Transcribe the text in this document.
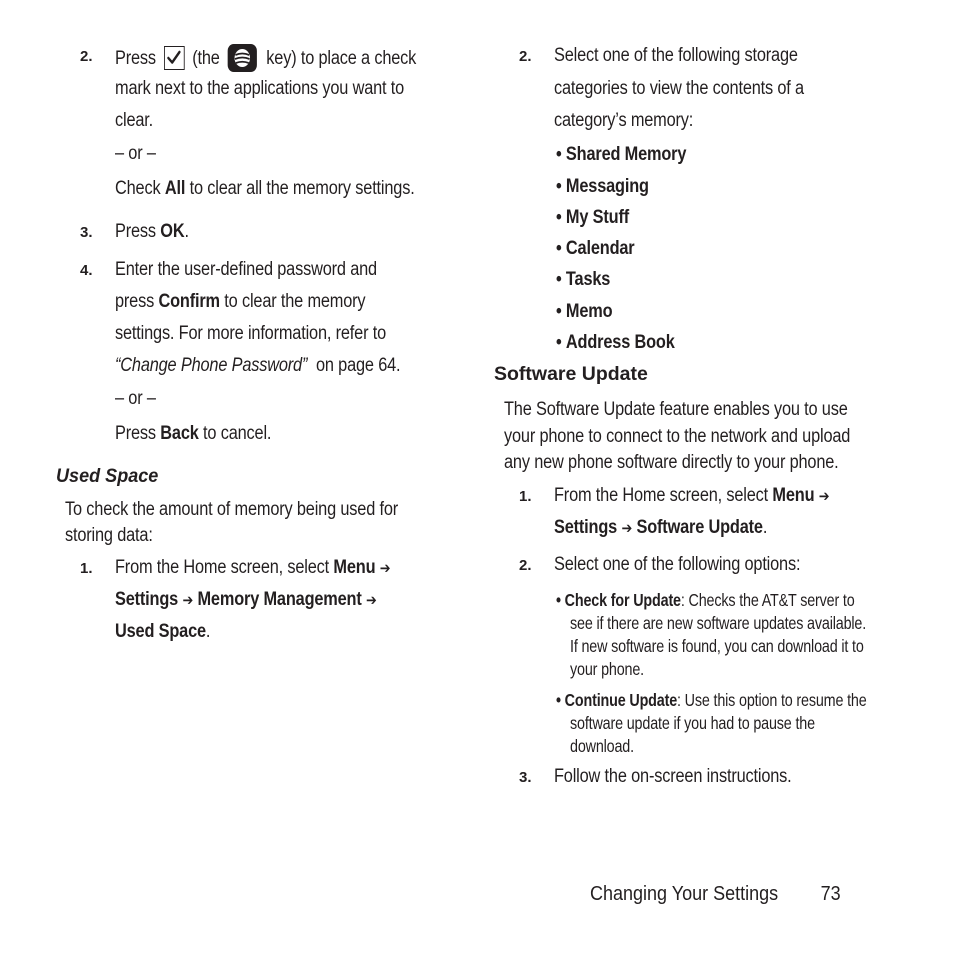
2. Press (the key) to place a check
mark next to the applications you want to
clear.
– or –
Check All to clear all the memory settings.
3. Press OK.
4. Enter the user-defined password and
press Confirm to clear the memory
settings. For more information, refer to
“Change Phone Password” on page 64.
– or –
Press Back to cancel.
Used Space
To check the amount of memory being used for
storing data:
1. From the Home screen, select Menu ➔
Settings ➔ Memory Management ➔
Used Space.
2. Select one of the following storage
categories to view the contents of a
category’s memory:
• Shared Memory
• Messaging
• My Stuff
• Calendar
• Tasks
• Memo
• Address Book
Software Update
The Software Update feature enables you to use
your phone to connect to the network and upload
any new phone software directly to your phone.
1. From the Home screen, select Menu ➔
Settings ➔ Software Update.
2. Select one of the following options:
• Check for Update: Checks the AT&T server to
see if there are new software updates available.
If new software is found, you can download it to
your phone.
• Continue Update: Use this option to resume the
software update if you had to pause the
download.
3. Follow the on-screen instructions.
Changing Your Settings 73
